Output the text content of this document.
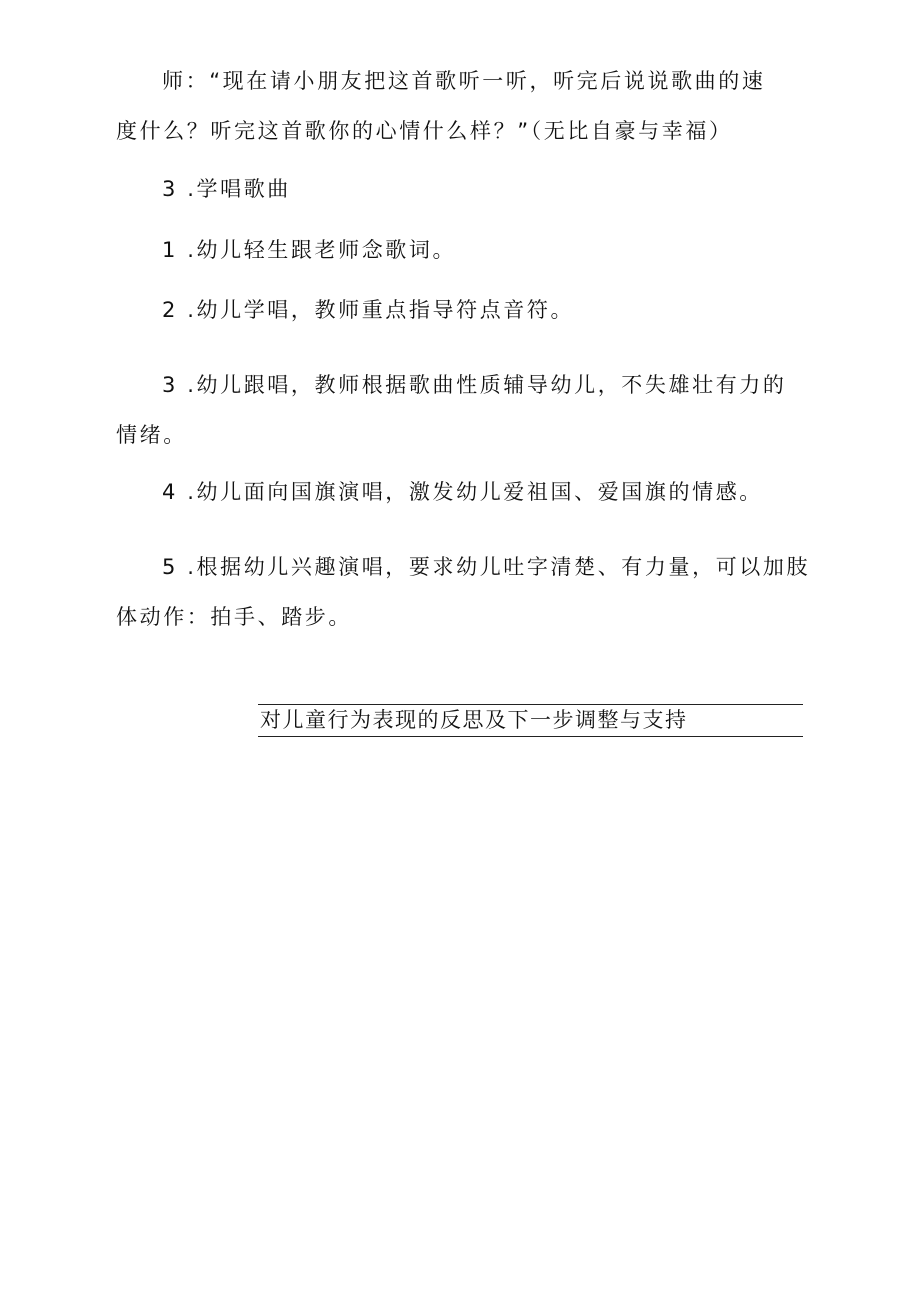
师：“现在请小朋友把这首歌听一听，听完后说说歌曲的速

度什么？听完这首歌你的心情什么样？”（无比自豪与幸福）

3 .学唱歌曲

1 .幼儿轻生跟老师念歌词。

2 .幼儿学唱，教师重点指导符点音符。

3 .幼儿跟唱，教师根据歌曲性质辅导幼儿，不失雄壮有力的

情绪。

4 .幼儿面向国旗演唱，激发幼儿爱祖国、爱国旗的情感。

5 .根据幼儿兴趣演唱，要求幼儿吐字清楚、有力量，可以加肢

体动作：拍手、踏步。

对儿童行为表现的反思及下一步调整与支持
